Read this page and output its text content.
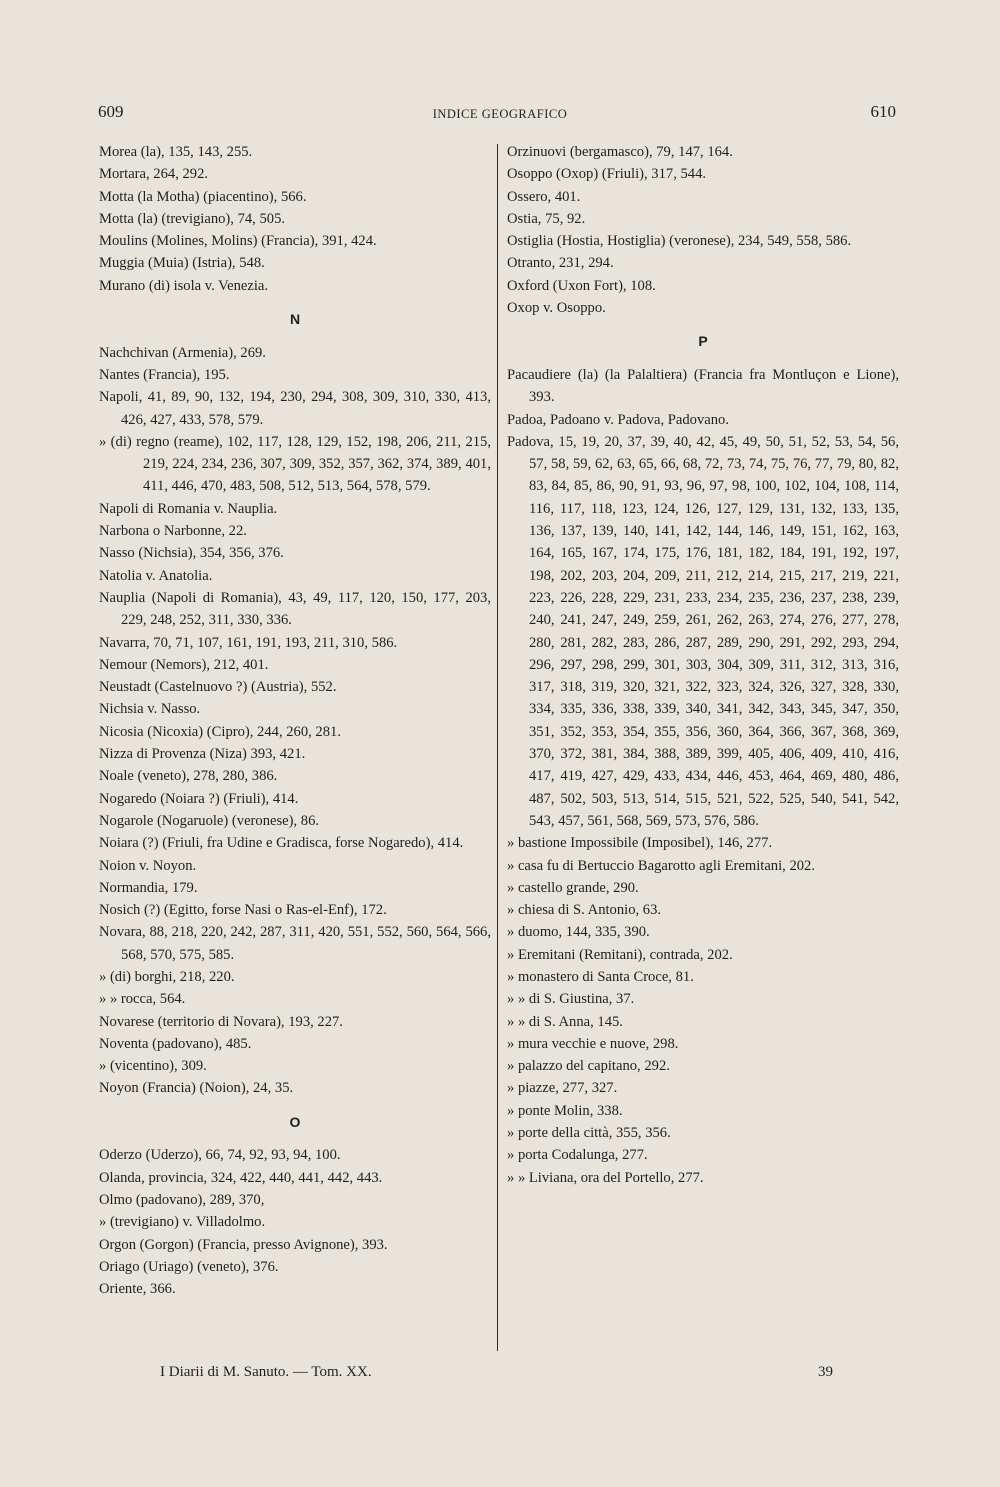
609	INDICE GEOGRAFICO	610
Morea (la), 135, 143, 255.
Mortara, 264, 292.
Motta (la Motha) (piacentino), 566.
Motta (la) (trevigiano), 74, 505.
Moulins (Molines, Molins) (Francia), 391, 424.
Muggia (Muia) (Istria), 548.
Murano (di) isola v. Venezia.
N
Nachchivan (Armenia), 269.
Nantes (Francia), 195.
Napoli, 41, 89, 90, 132, 194, 230, 294, 308, 309, 310, 330, 413, 426, 427, 433, 578, 579.
» (di) regno (reame), 102, 117, 128, 129, 152, 198, 206, 211, 215, 219, 224, 234, 236, 307, 309, 352, 357, 362, 374, 389, 401, 411, 446, 470, 483, 508, 512, 513, 564, 578, 579.
Napoli di Romania v. Nauplia.
Narbona o Narbonne, 22.
Nasso (Nichsia), 354, 356, 376.
Natolia v. Anatolia.
Nauplia (Napoli di Romania), 43, 49, 117, 120, 150, 177, 203, 229, 248, 252, 311, 330, 336.
Navarra, 70, 71, 107, 161, 191, 193, 211, 310, 586.
Nemour (Nemors), 212, 401.
Neustadt (Castelnuovo ?) (Austria), 552.
Nichsia v. Nasso.
Nicosia (Nicoxia) (Cipro), 244, 260, 281.
Nizza di Provenza (Niza) 393, 421.
Noale (veneto), 278, 280, 386.
Nogaredo (Noiara ?) (Friuli), 414.
Nogarole (Nogaruole) (veronese), 86.
Noiara (?) (Friuli, fra Udine e Gradisca, forse Nogaredo), 414.
Noion v. Noyon.
Normandia, 179.
Nosich (?) (Egitto, forse Nasi o Ras-el-Enf), 172.
Novara, 88, 218, 220, 242, 287, 311, 420, 551, 552, 560, 564, 566, 568, 570, 575, 585.
» (di) borghi, 218, 220.
» » rocca, 564.
Novarese (territorio di Novara), 193, 227.
Noventa (padovano), 485.
» (vicentino), 309.
Noyon (Francia) (Noion), 24, 35.
O
Oderzo (Uderzo), 66, 74, 92, 93, 94, 100.
Olanda, provincia, 324, 422, 440, 441, 442, 443.
Olmo (padovano), 289, 370,
» (trevigiano) v. Villadolmo.
Orgon (Gorgon) (Francia, presso Avignone), 393.
Oriago (Uriago) (veneto), 376.
Oriente, 366.
Orzinuovi (bergamasco), 79, 147, 164.
Osoppo (Oxop) (Friuli), 317, 544.
Ossero, 401.
Ostia, 75, 92.
Ostiglia (Hostia, Hostiglia) (veronese), 234, 549, 558, 586.
Otranto, 231, 294.
Oxford (Uxon Fort), 108.
Oxop v. Osoppo.
P
Pacaudiere (la) (la Palaltiera) (Francia fra Montluçon e Lione), 393.
Padoa, Padoano v. Padova, Padovano.
Padova, 15, 19, 20, 37, 39, 40, 42, 45, 49, 50, 51, 52, 53, 54, 56, 57, 58, 59, 62, 63, 65, 66, 68, 72, 73, 74, 75, 76, 77, 79, 80, 82, 83, 84, 85, 86, 90, 91, 93, 96, 97, 98, 100, 102, 104, 108, 114, 116, 117, 118, 123, 124, 126, 127, 129, 131, 132, 133, 135, 136, 137, 139, 140, 141, 142, 144, 146, 149, 151, 162, 163, 164, 165, 167, 174, 175, 176, 181, 182, 184, 191, 192, 197, 198, 202, 203, 204, 209, 211, 212, 214, 215, 217, 219, 221, 223, 226, 228, 229, 231, 233, 234, 235, 236, 237, 238, 239, 240, 241, 247, 249, 259, 261, 262, 263, 274, 276, 277, 278, 280, 281, 282, 283, 286, 287, 289, 290, 291, 292, 293, 294, 296, 297, 298, 299, 301, 303, 304, 309, 311, 312, 313, 316, 317, 318, 319, 320, 321, 322, 323, 324, 326, 327, 328, 330, 334, 335, 336, 338, 339, 340, 341, 342, 343, 345, 347, 350, 351, 352, 353, 354, 355, 356, 360, 364, 366, 367, 368, 369, 370, 372, 381, 384, 388, 389, 399, 405, 406, 409, 410, 416, 417, 419, 427, 429, 433, 434, 446, 453, 464, 469, 480, 486, 487, 502, 503, 513, 514, 515, 521, 522, 525, 540, 541, 542, 543, 457, 561, 568, 569, 573, 576, 586.
» bastione Impossibile (Imposibel), 146, 277.
» casa fu di Bertuccio Bagarotto agli Eremitani, 202.
» castello grande, 290.
» chiesa di S. Antonio, 63.
» duomo, 144, 335, 390.
» Eremitani (Remitani), contrada, 202.
» monastero di Santa Croce, 81.
» » di S. Giustina, 37.
» » di S. Anna, 145.
» mura vecchie e nuove, 298.
» palazzo del capitano, 292.
» piazze, 277, 327.
» ponte Molin, 338.
» porte della città, 355, 356.
» porta Codalunga, 277.
» » Liviana, ora del Portello, 277.
I Diarii di M. Sanuto. — Tom. XX.	39
